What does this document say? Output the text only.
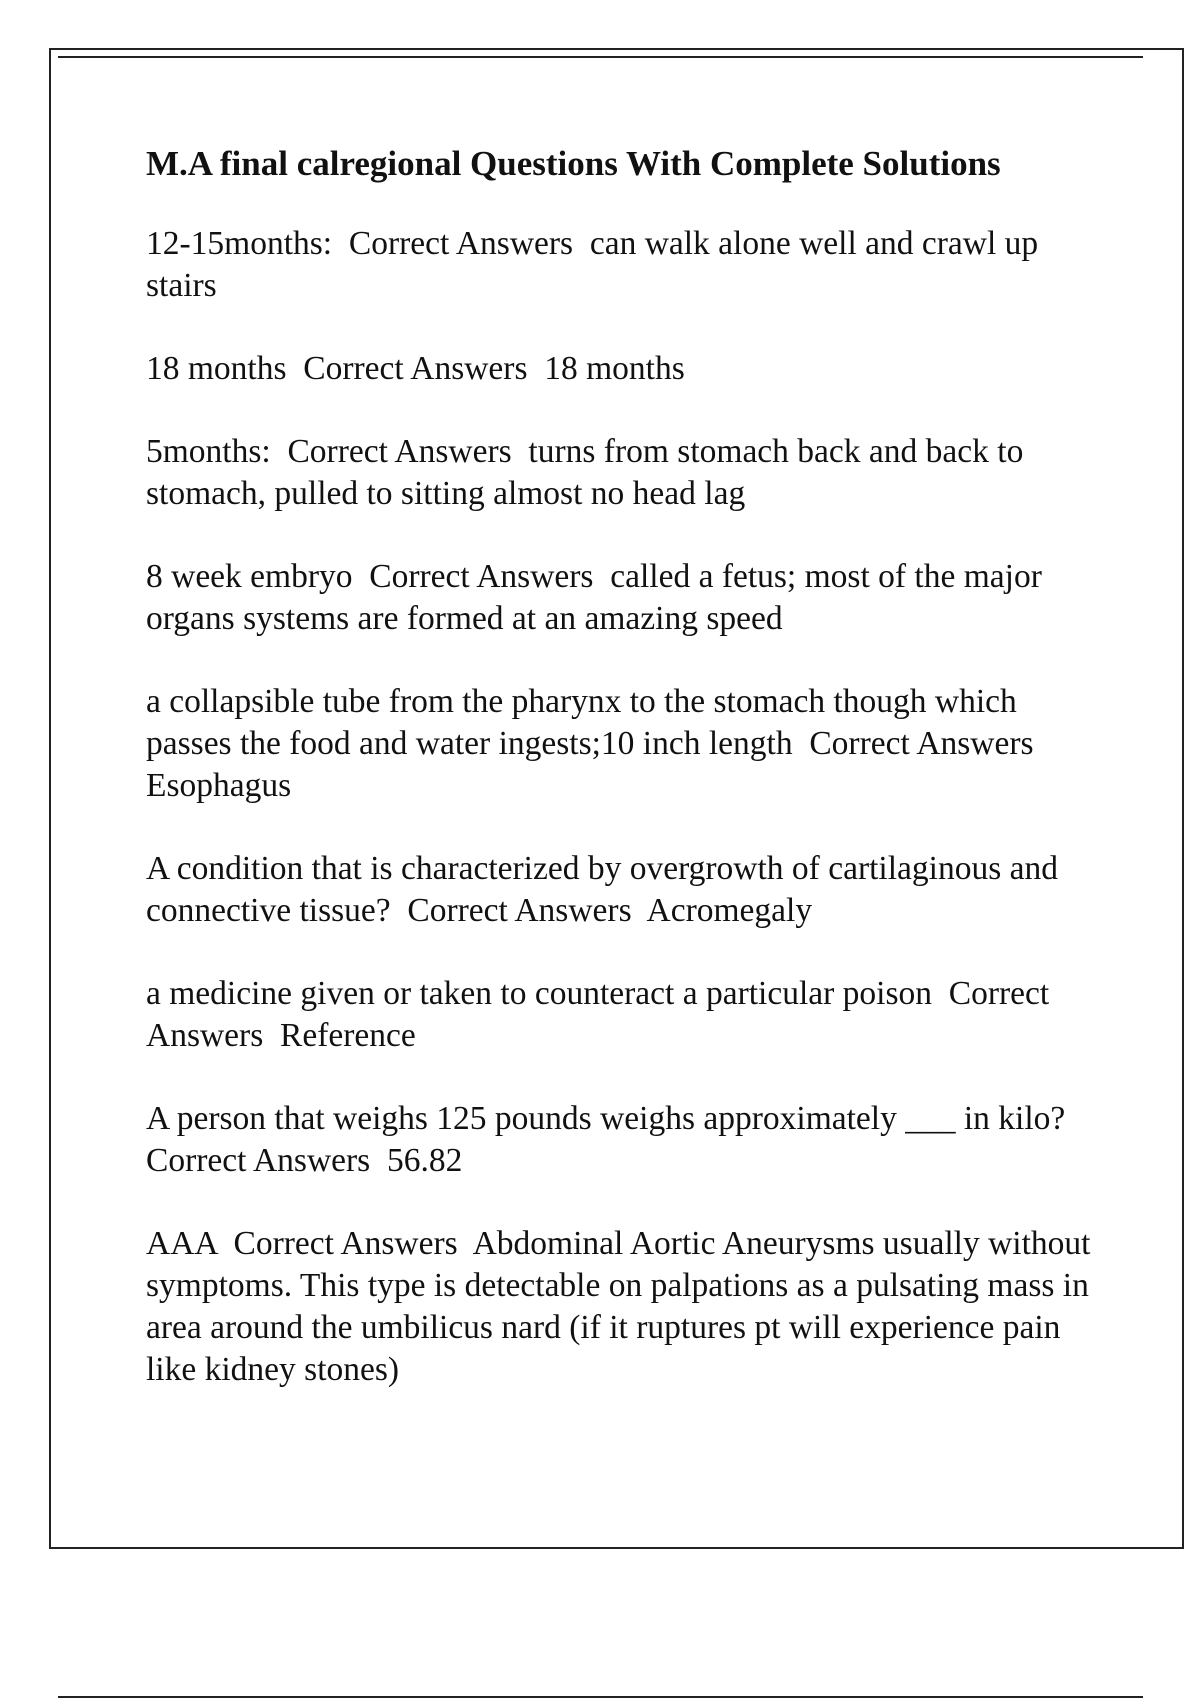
M.A final calregional Questions With Complete Solutions
12-15months:  Correct Answers  can walk alone well and crawl up stairs
18 months  Correct Answers  18 months
5months:  Correct Answers  turns from stomach back and back to stomach, pulled to sitting almost no head lag
8 week embryo  Correct Answers  called a fetus; most of the major organs systems are formed at an amazing speed
a collapsible tube from the pharynx to the stomach though which passes the food and water ingests;10 inch length  Correct Answers  Esophagus
A condition that is characterized by overgrowth of cartilaginous and connective tissue?  Correct Answers  Acromegaly
a medicine given or taken to counteract a particular poison  Correct Answers  Reference
A person that weighs 125 pounds weighs approximately ___ in kilo?  Correct Answers  56.82
AAA  Correct Answers  Abdominal Aortic Aneurysms usually without symptoms. This type is detectable on palpations as a pulsating mass in area around the umbilicus nard (if it ruptures pt will experience pain like kidney stones)
